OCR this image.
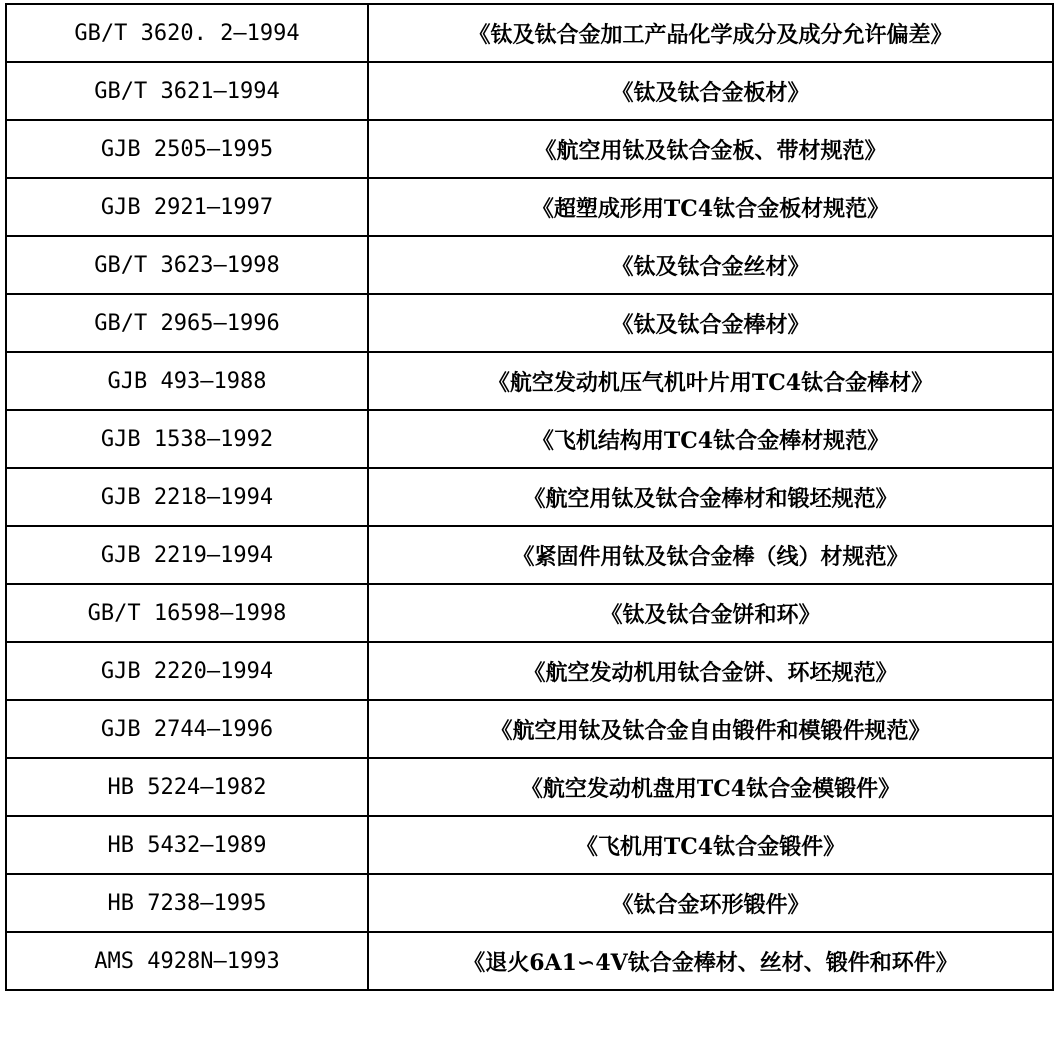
GB/T 3620. 2—1994	《钛及钛合金加工产品化学成分及成分允许偏差》
GB/T 3621—1994	《钛及钛合金板材》
GJB 2505—1995	《航空用钛及钛合金板、带材规范》
GJB 2921—1997	《超塑成形用TC4钛合金板材规范》
GB/T 3623—1998	《钛及钛合金丝材》
GB/T 2965—1996	《钛及钛合金棒材》
GJB 493—1988	《航空发动机压气机叶片用TC4钛合金棒材》
GJB 1538—1992	《飞机结构用TC4钛合金棒材规范》
GJB 2218—1994	《航空用钛及钛合金棒材和锻坯规范》
GJB 2219—1994	《紧固件用钛及钛合金棒（线）材规范》
GB/T 16598—1998	《钛及钛合金饼和环》
GJB 2220—1994	《航空发动机用钛合金饼、环坯规范》
GJB 2744—1996	《航空用钛及钛合金自由锻件和模锻件规范》
HB 5224—1982	《航空发动机盘用TC4钛合金模锻件》
HB 5432—1989	《飞机用TC4钛合金锻件》
HB 7238—1995	《钛合金环形锻件》
AMS 4928N—1993	《退火6A1∽4V钛合金棒材、丝材、锻件和环件》
